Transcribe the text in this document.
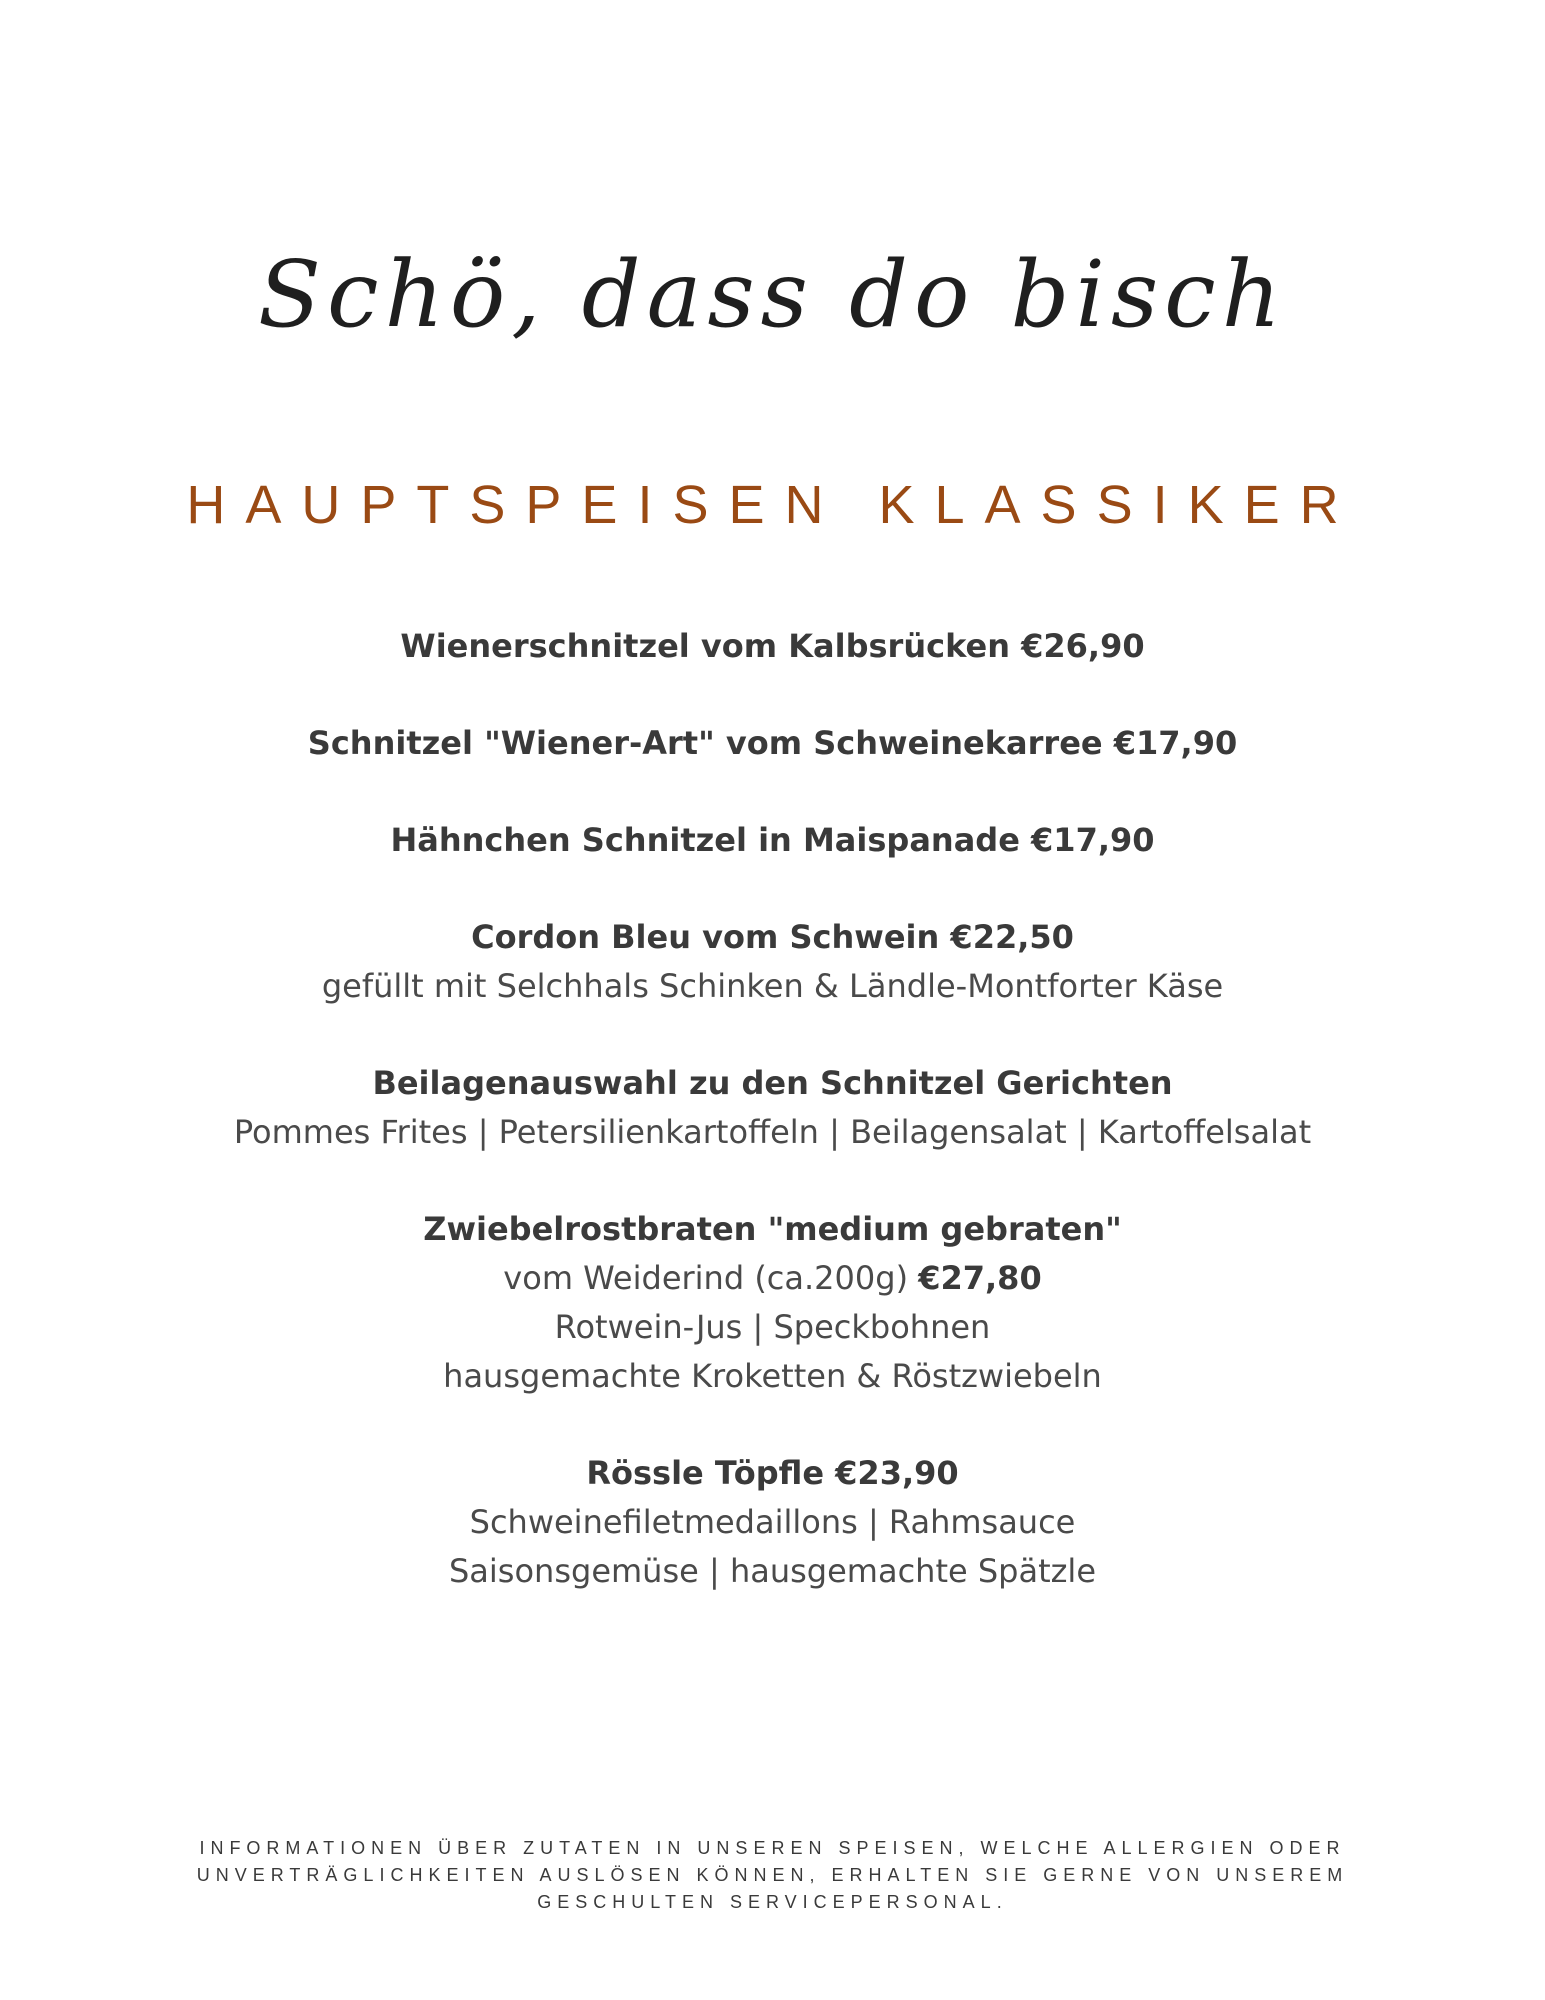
Schö, dass do bisch
HAUPTSPEISEN KLASSIKER
Wienerschnitzel vom Kalbsrücken €26,90
Schnitzel "Wiener-Art" vom Schweinekarree €17,90
Hähnchen Schnitzel in Maispanade €17,90
Cordon Bleu vom Schwein €22,50
gefüllt mit Selchhals Schinken & Ländle-Montforter Käse
Beilagenauswahl zu den Schnitzel Gerichten
Pommes Frites | Petersilienkartoffeln | Beilagensalat | Kartoffelsalat
Zwiebelrostbraten "medium gebraten"
vom Weiderind (ca.200g) €27,80
Rotwein-Jus | Speckbohnen
hausgemachte Kroketten & Röstzwiebeln
Rössle Töpfle €23,90
Schweinefiletmedaillons | Rahmsauce
Saisonsgemüse | hausgemachte Spätzle
INFORMATIONEN ÜBER ZUTATEN IN UNSEREN SPEISEN, WELCHE ALLERGIEN ODER
UNVERTRÄGLICHKEITEN AUSLÖSEN KÖNNEN, ERHALTEN SIE GERNE VON UNSEREM
GESCHULTEN SERVICEPERSONAL.
